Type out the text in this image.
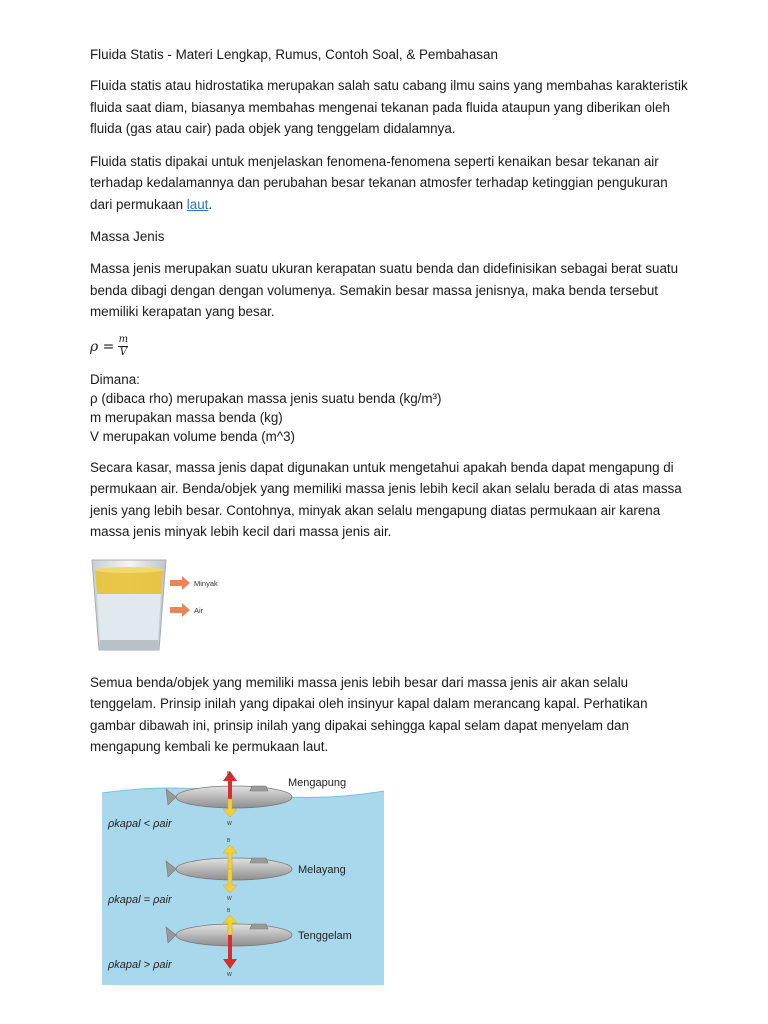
Fluida Statis - Materi Lengkap, Rumus, Contoh Soal, & Pembahasan

Fluida statis atau hidrostatika merupakan salah satu cabang ilmu sains yang membahas karakteristik fluida saat diam, biasanya membahas mengenai tekanan pada fluida ataupun yang diberikan oleh fluida (gas atau cair) pada objek yang tenggelam didalamnya.

Fluida statis dipakai untuk menjelaskan fenomena-fenomena seperti kenaikan besar tekanan air terhadap kedalamannya dan perubahan besar tekanan atmosfer terhadap ketinggian pengukuran dari permukaan laut.

Massa Jenis

Massa jenis merupakan suatu ukuran kerapatan suatu benda dan didefinisikan sebagai berat suatu benda dibagi dengan dengan volumenya. Semakin besar massa jenisnya, maka benda tersebut memiliki kerapatan yang besar.

$\rho = \frac{m}{V}$
Dimana:
ρ (dibaca rho) merupakan massa jenis suatu benda (kg/m³)
m merupakan massa benda (kg)
V merupakan volume benda (m^3)

Secara kasar, massa jenis dapat digunakan untuk mengetahui apakah benda dapat mengapung di permukaan air. Benda/objek yang memiliki massa jenis lebih kecil akan selalu berada di atas massa jenis yang lebih besar. Contohnya, minyak akan selalu mengapung diatas permukaan air karena massa jenis minyak lebih kecil dari massa jenis air.

Minyak
Air

Semua benda/objek yang memiliki massa jenis lebih besar dari massa jenis air akan selalu tenggelam. Prinsip inilah yang dipakai oleh insinyur kapal dalam merancang kapal. Perhatikan gambar dibawah ini, prinsip inilah yang dipakai sehingga kapal selam dapat menyelam dan mengapung kembali ke permukaan laut.

B
W
Mengapung
ρkapal < ρair
B
W
Melayang
ρkapal = ρair
B
W
Tenggelam
ρkapal > ρair
